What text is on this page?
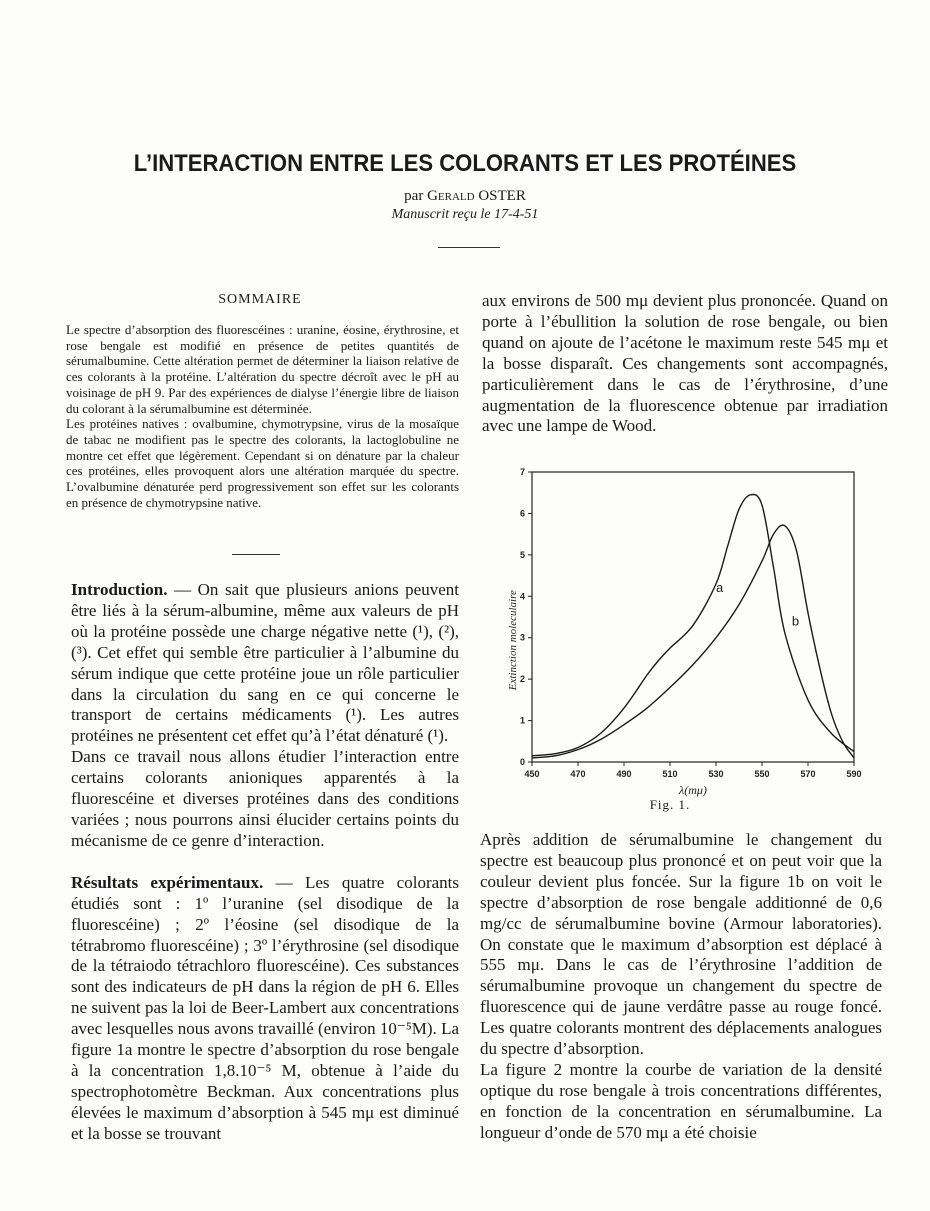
L’INTERACTION ENTRE LES COLORANTS ET LES PROTÉINES
par Gerald OSTER
Manuscrit reçu le 17-4-51
SOMMAIRE

Le spectre d’absorption des fluorescéines : uranine, éosine, érythrosine, et rose bengale est modifié en présence de petites quantités de sérumalbumine. Cette altération permet de déterminer la liaison relative de ces colorants à la protéine. L’altération du spectre décroît avec le pH au voisinage de pH 9. Par des expériences de dialyse l’énergie libre de liaison du colorant à la sérumalbumine est déterminée.

Les protéines natives : ovalbumine, chymotrypsine, virus de la mosaïque de tabac ne modifient pas le spectre des colorants, la lactoglobuline ne montre cet effet que légèrement. Cependant si on dénature par la chaleur ces protéines, elles provoquent alors une altération marquée du spectre. L’ovalbumine dénaturée perd progressivement son effet sur les colorants en présence de chymotrypsine native.

Introduction. — On sait que plusieurs anions peuvent être liés à la sérum-albumine, même aux valeurs de pH où la protéine possède une charge négative nette (¹), (²), (³). Cet effet qui semble être particulier à l’albumine du sérum indique que cette protéine joue un rôle particulier dans la circulation du sang en ce qui concerne le transport de certains médicaments (¹). Les autres protéines ne présentent cet effet qu’à l’état dénaturé (¹).

Dans ce travail nous allons étudier l’interaction entre certains colorants anioniques apparentés à la fluorescéine et diverses protéines dans des conditions variées ; nous pourrons ainsi élucider certains points du mécanisme de ce genre d’interaction.

Résultats expérimentaux. — Les quatre colorants étudiés sont : 1º l’uranine (sel disodique de la fluorescéine) ; 2º l’éosine (sel disodique de la tétrabromo fluorescéine) ; 3º l’érythrosine (sel disodique de la tétraiodo tétrachloro fluorescéine). Ces substances sont des indicateurs de pH dans la région de pH 6. Elles ne suivent pas la loi de Beer-Lambert aux concentrations avec lesquelles nous avons travaillé (environ 10⁻⁵M). La figure 1a montre le spectre d’absorption du rose bengale à la concentration 1,8.10⁻⁵ M, obtenue à l’aide du spectrophotomètre Beckman. Aux concentrations plus élevées le maximum d’absorption à 545 mμ est diminué et la bosse se trouvant

aux environs de 500 mμ devient plus prononcée. Quand on porte à l’ébullition la solution de rose bengale, ou bien quand on ajoute de l’acétone le maximum reste 545 mμ et la bosse disparaît. Ces changements sont accompagnés, particulièrement dans le cas de l’érythrosine, d’une augmentation de la fluorescence obtenue par irradiation avec une lampe de Wood.

450	470	490	510	530	550	570	590
0
1
2
3
4
5
6
7
λ(mμ)
Extinction moleculaire
a
b
Fig. 1.

Après addition de sérumalbumine le changement du spectre est beaucoup plus prononcé et on peut voir que la couleur devient plus foncée. Sur la figure 1b on voit le spectre d’absorption de rose bengale additionné de 0,6 mg/cc de sérumalbumine bovine (Armour laboratories). On constate que le maximum d’absorption est déplacé à 555 mμ. Dans le cas de l’érythrosine l’addition de sérumalbumine provoque un changement du spectre de fluorescence qui de jaune verdâtre passe au rouge foncé. Les quatre colorants montrent des déplacements analogues du spectre d’absorption.

La figure 2 montre la courbe de variation de la densité optique du rose bengale à trois concentrations différentes, en fonction de la concentration en sérumalbumine. La longueur d’onde de 570 mμ a été choisie
